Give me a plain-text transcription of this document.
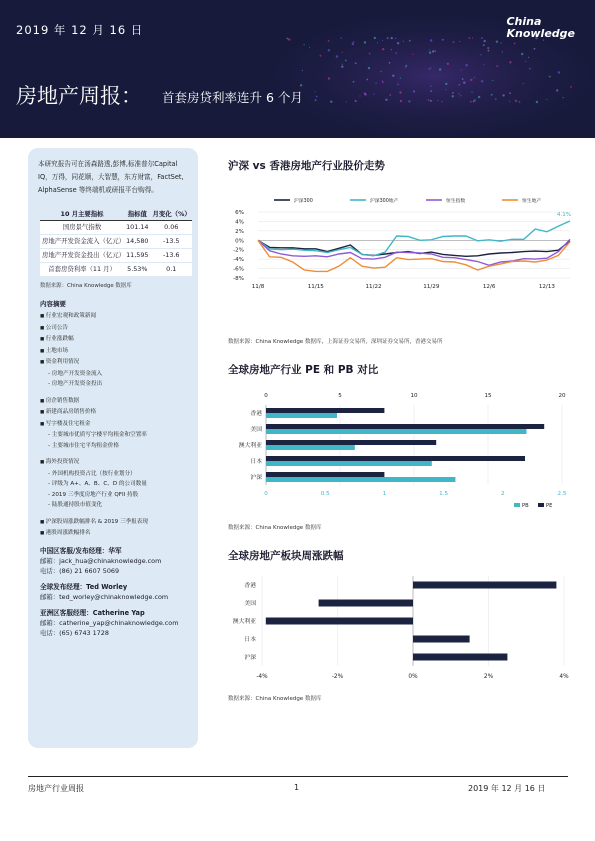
2019 年 12 月 16 日
China
Knowledge
房地产周报： 首套房贷利率连升 6 个月
本研究报告可在汤森路透,彭博,标准普尔Capital IQ，万得，同花顺，大智慧，东方财富，FactSet, AlphaSense 等终端机或研报平台购得。
10 月主要指标	指标值	月变化（%）
国房景气指数	101.14	0.06
房地产开发资金流入（亿元）	14,580	-13.5
房地产开发资金投出（亿元）	11,595	-13.6
首套房贷利率（11 月）	5.53%	0.1
数据来源：China Knowledge 数据库
内容摘要
■ 行业宏观和政策新闻
■ 公司公告
■ 行业涨跌幅
■ 土地市场
■ 资金利用情况
- 房地产开发资金流入
- 房地产开发资金投出
■ 房企销售数据
■ 新建商品房销售价格
■ 写字楼及住宅租金
- 主要城市优质写字楼平均租金和空置率
- 主要城市住宅平均租金价格
■ 海外投资情况
- 外国机构投资占比（按行业划分）
- 评级为 A+、A、B、C、D 的公司数量
- 2019 三季度房地产行业 QFII 持股
- 陆股通持股市值变化
■ 沪深股周涨跌幅排名 & 2019 三季报表现
■ 港股周涨跌幅排名
中国区客服/发布经理：华军
邮箱：jack_hua@chinaknowledge.com
电话：(86) 21 6607 5069
全球发布经理：Ted Worley
邮箱：ted_worley@chinaknowledge.com
亚洲区客服经理：Catherine Yap
邮箱：catherine_yap@chinaknowledge.com
电话：(65) 6743 1728
沪深 vs 香港房地产行业股价走势
沪深300	沪深300地产	恒生指数	恒生地产
6%
4%
2%
0%
-2%
-4%
-6%
-8%
11/8	11/15	11/22	11/29	12/6	12/13
4.1%
数据来源：China Knowledge 数据库，上海证券交易所，深圳证券交易所，香港交易所
全球房地产行业 PE 和 PB 对比
0	5	10	15	20
0	0.5	1	1.5	2	2.5
香港
美国
澳大利亚
日本
沪深
PB	PE
数据来源：China Knowledge 数据库
全球房地产板块周涨跌幅
-4%	-2%	0%	2%	4%
香港
美国
澳大利亚
日本
沪深
数据来源：China Knowledge 数据库
房地产行业周报	1	2019 年 12 月 16 日
